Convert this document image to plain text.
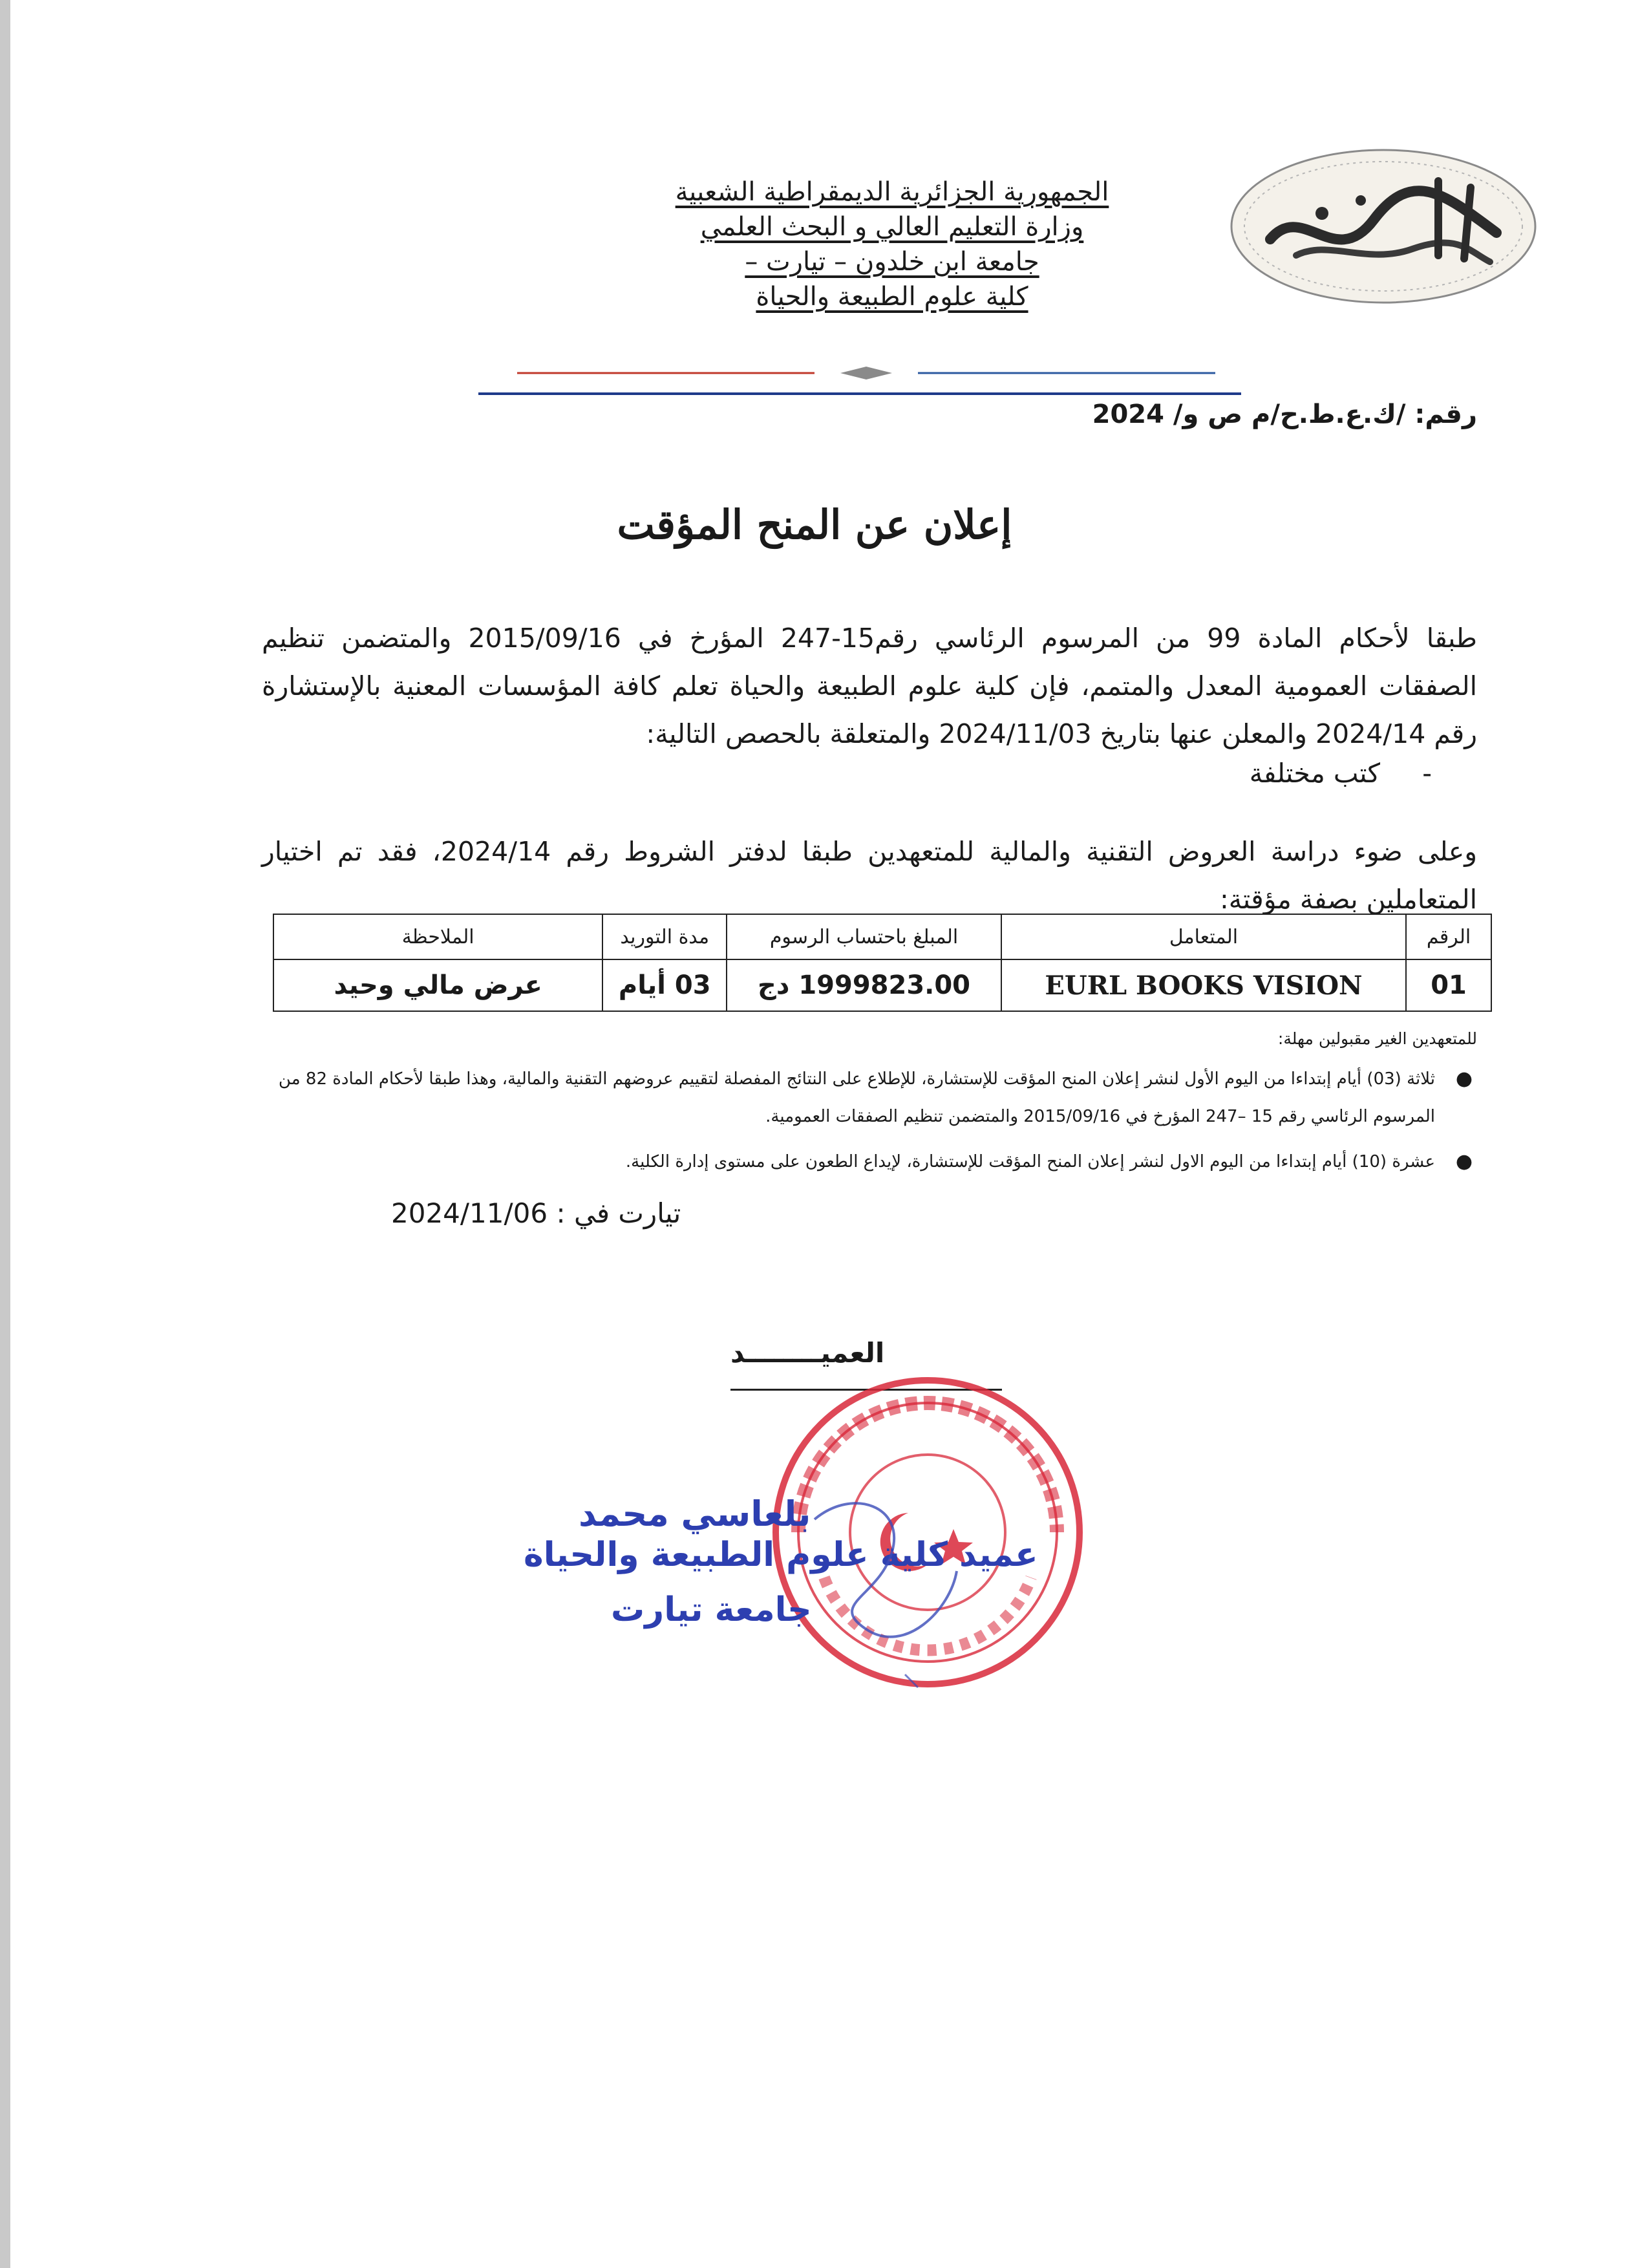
الجمهورية الجزائرية الديمقراطية الشعبية
وزارة التعليم العالي و البحث العلمي
جامعة ابن خلدون – تيارت –
كلية علوم الطبيعة والحياة
رقم: /ك.ع.ط.ح/م ص و/ 2024
إعلان عن المنح المؤقت
طبقا لأحكام المادة 99 من المرسوم الرئاسي رقم15-247 المؤرخ في 2015/09/16 والمتضمن تنظيم الصفقات العمومية المعدل والمتمم، فإن كلية علوم الطبيعة والحياة تعلم كافة المؤسسات المعنية بالإستشارة رقم 2024/14 والمعلن عنها بتاريخ 2024/11/03 والمتعلقة بالحصص التالية:
-
كتب مختلفة
وعلى ضوء دراسة العروض التقنية والمالية للمتعهدين طبقا لدفتر الشروط رقم 2024/14، فقد تم اختيار المتعاملين بصفة مؤقتة:
الرقم	المتعامل	المبلغ باحتساب الرسوم	مدة التوريد	الملاحظة
01	EURL BOOKS VISION	1999823.00 دج	03 أيام	عرض مالي وحيد
للمتعهدين الغير مقبولين مهلة:
●
ثلاثة (03) أيام إبتداءا من اليوم الأول لنشر إعلان المنح المؤقت للإستشارة، للإطلاع على النتائج المفصلة لتقييم عروضهم التقنية والمالية، وهذا طبقا لأحكام المادة 82 من المرسوم الرئاسي رقم 15 –247 المؤرخ في 2015/09/16 والمتضمن تنظيم الصفقات العمومية.
●
عشرة (10) أيام إبتداءا من اليوم الاول لنشر إعلان المنح المؤقت للإستشارة، لإيداع الطعون على مستوى إدارة الكلية.
تيارت في : 2024/11/06
العميــــــــد
بلعاسي محمد
عميد كلية علوم الطبيعة والحياة
جامعة تيارت
